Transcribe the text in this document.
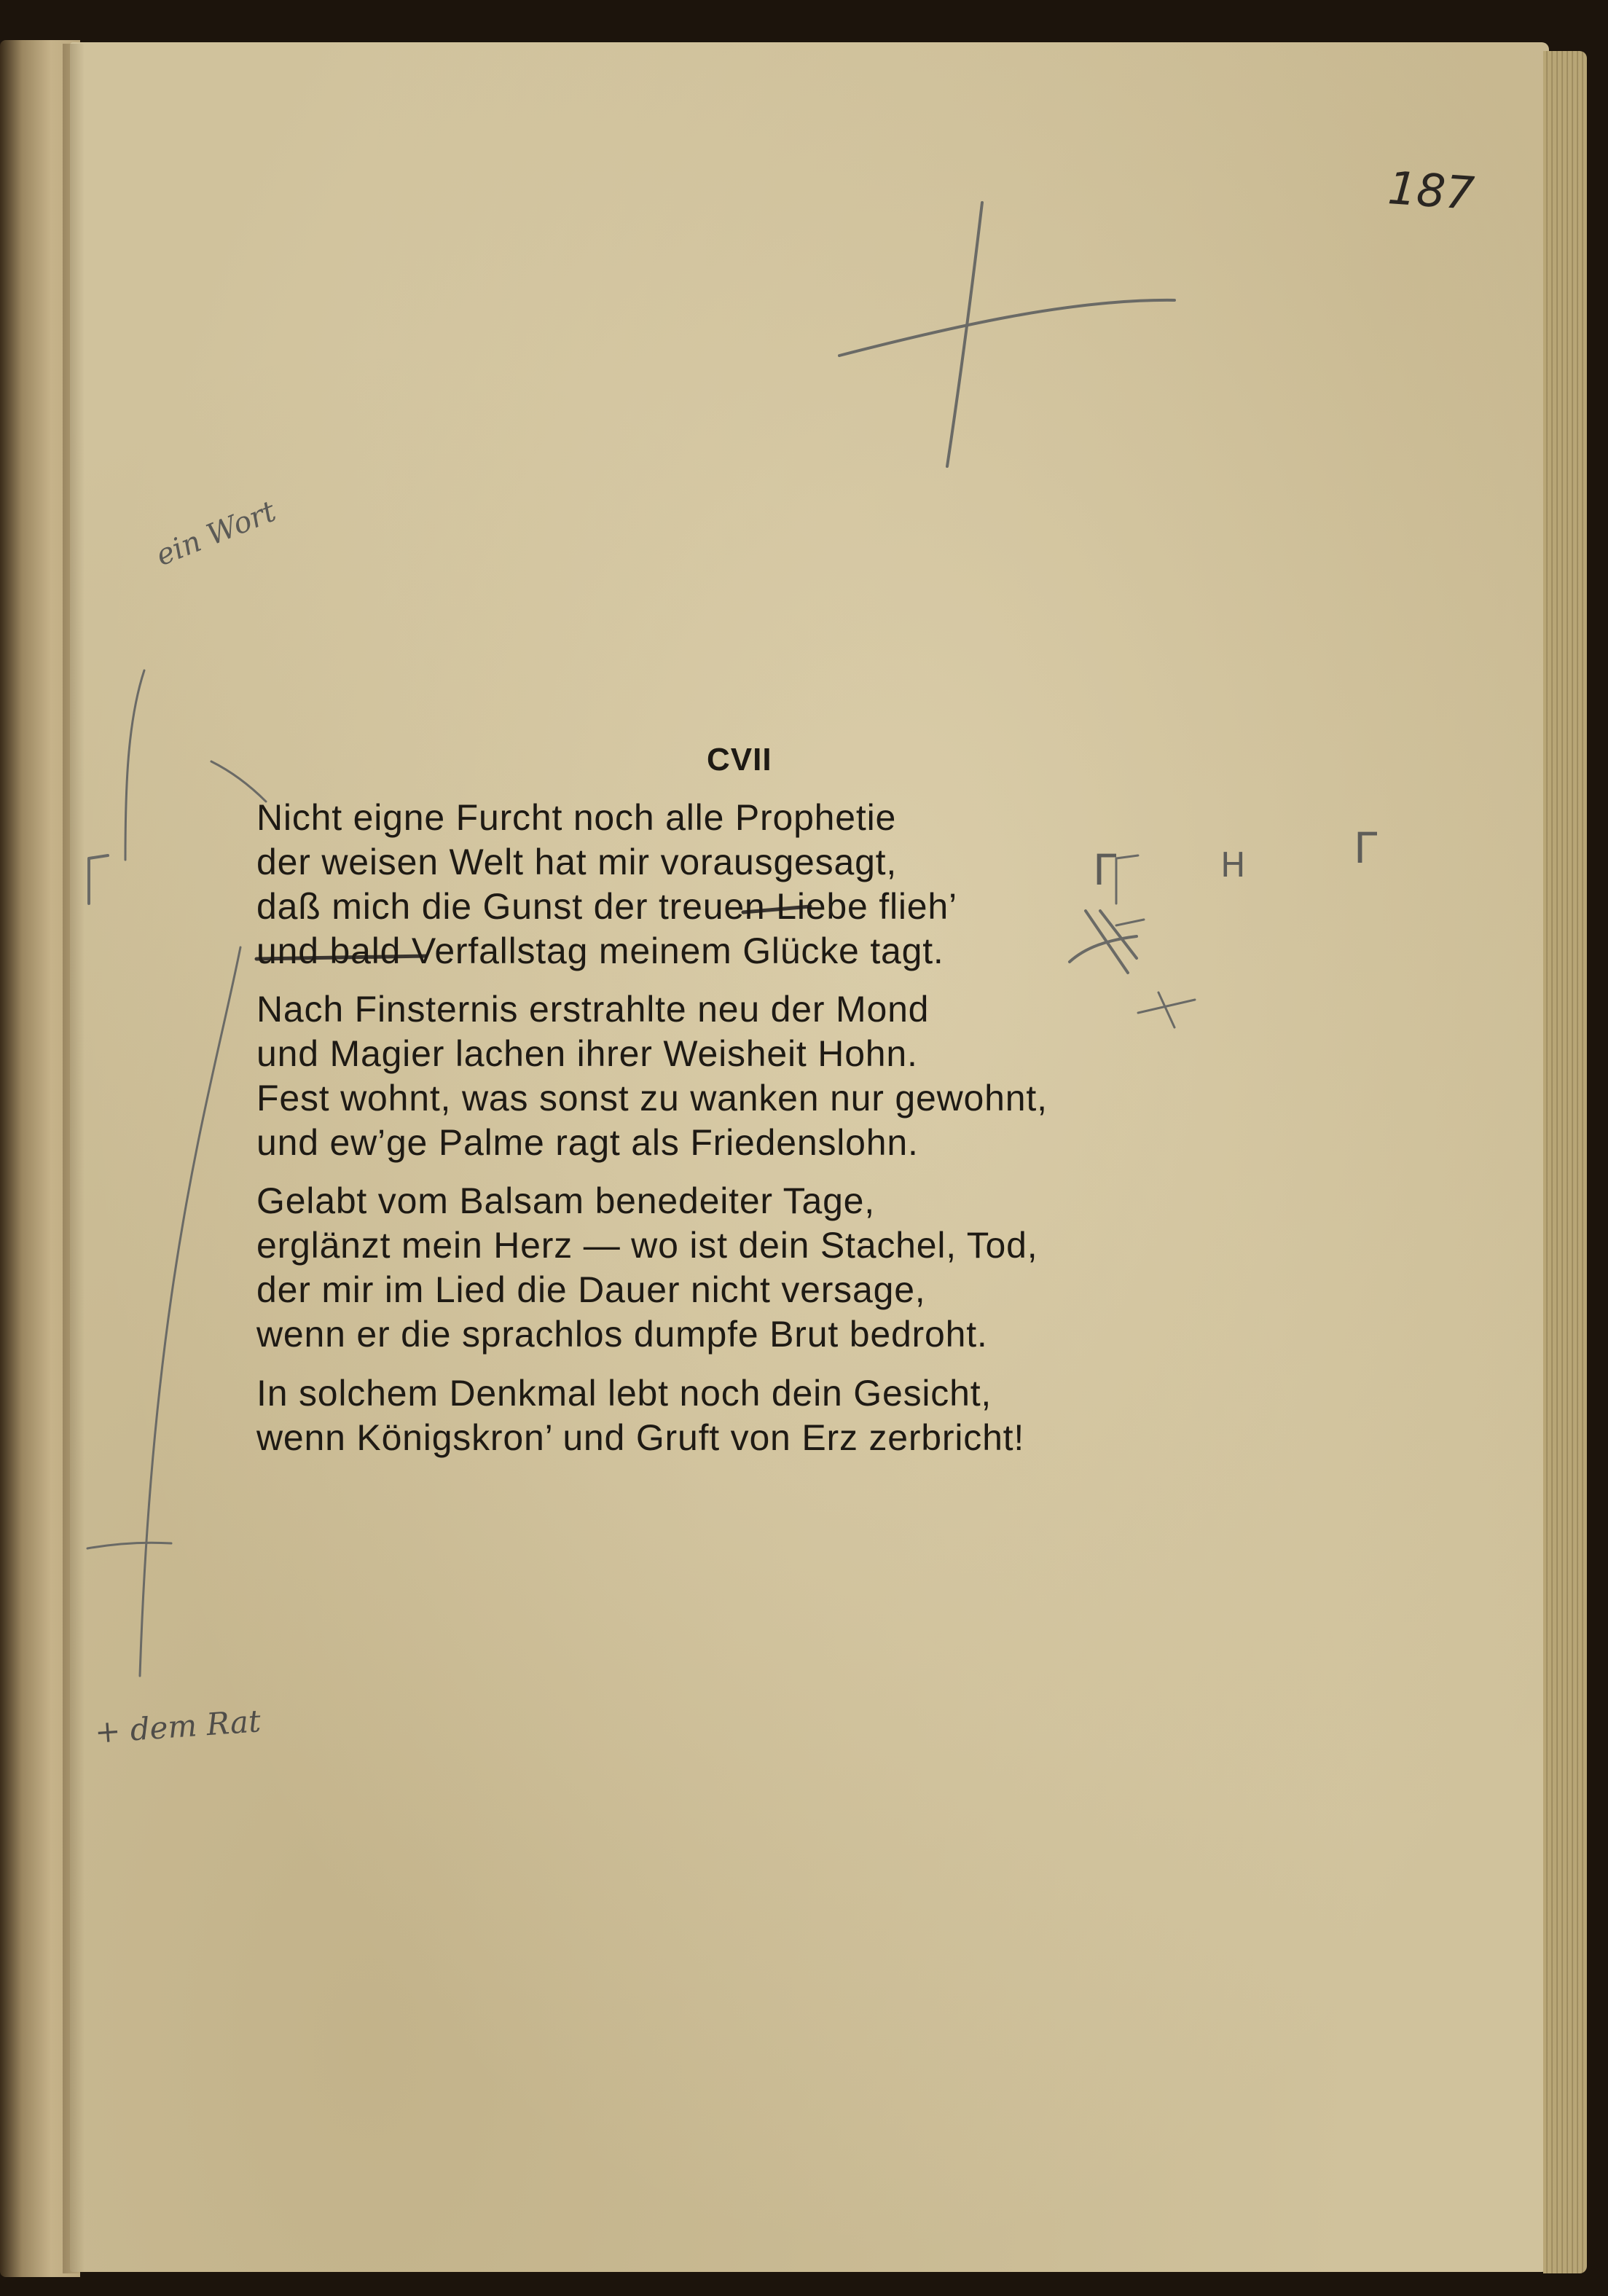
187
ein Wort
+ dem Rat
Γ	H	Γ
CVII
Nicht eigne Furcht noch alle Prophetie
der weisen Welt hat mir vorausgesagt,
daß mich die Gunst der treuen Liebe flieh’
und bald Verfallstag meinem Glücke tagt.
Nach Finsternis erstrahlte neu der Mond
und Magier lachen ihrer Weisheit Hohn.
Fest wohnt, was sonst zu wanken nur gewohnt,
und ew’ge Palme ragt als Friedenslohn.
Gelabt vom Balsam benedeiter Tage,
erglänzt mein Herz — wo ist dein Stachel, Tod,
der mir im Lied die Dauer nicht versage,
wenn er die sprachlos dumpfe Brut bedroht.
In solchem Denkmal lebt noch dein Gesicht,
wenn Königskron’ und Gruft von Erz zerbricht!
